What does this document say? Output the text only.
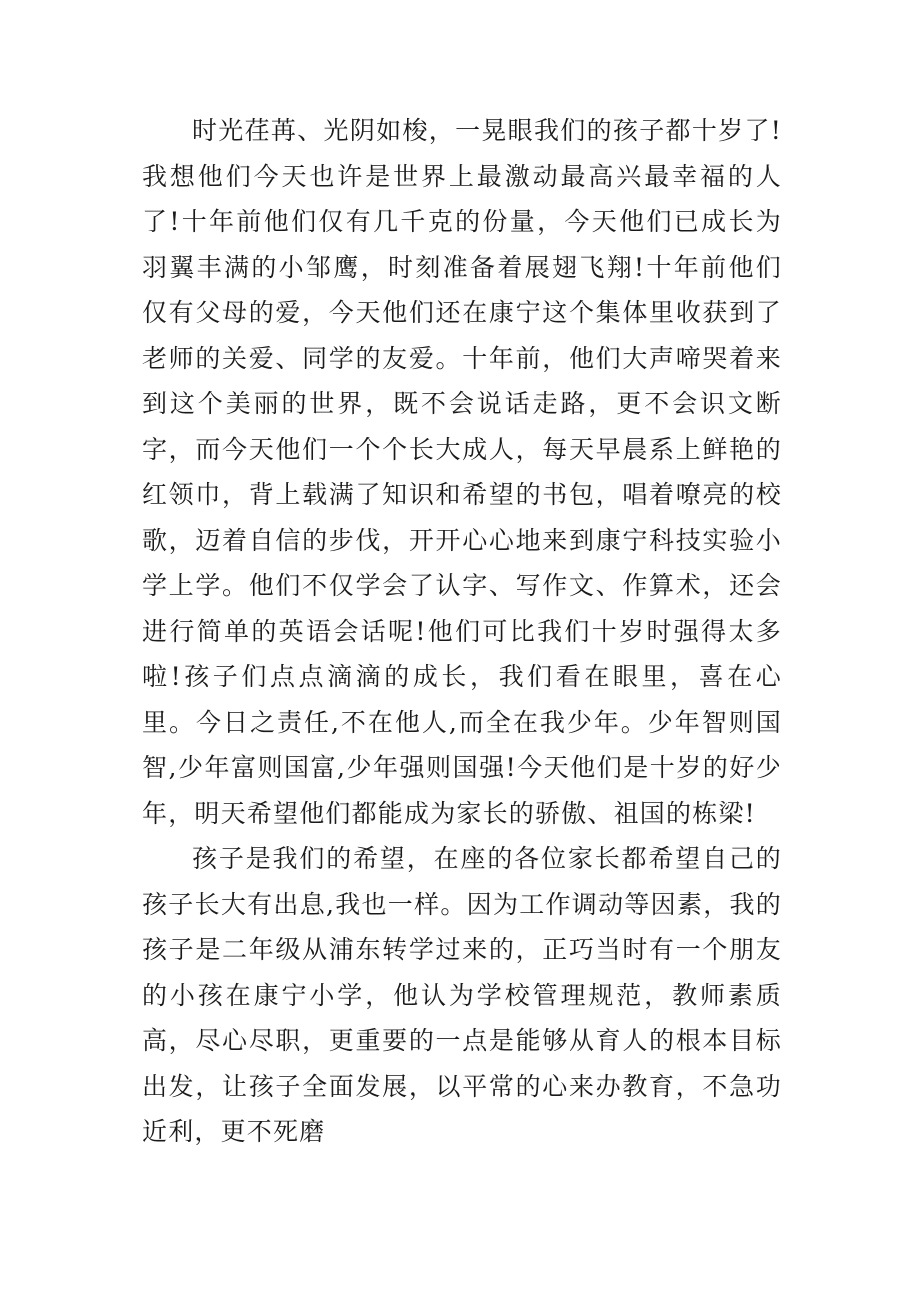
时光荏苒、光阴如梭，一晃眼我们的孩子都十岁了!我想他们今天也许是世界上最激动最高兴最幸福的人了!十年前他们仅有几千克的份量，今天他们已成长为羽翼丰满的小邹鹰，时刻准备着展翅飞翔!十年前他们仅有父母的爱，今天他们还在康宁这个集体里收获到了老师的关爱、同学的友爱。十年前，他们大声啼哭着来到这个美丽的世界，既不会说话走路，更不会识文断字，而今天他们一个个长大成人，每天早晨系上鲜艳的红领巾，背上载满了知识和希望的书包，唱着嘹亮的校歌，迈着自信的步伐，开开心心地来到康宁科技实验小学上学。他们不仅学会了认字、写作文、作算术，还会进行简单的英语会话呢!他们可比我们十岁时强得太多啦!孩子们点点滴滴的成长，我们看在眼里，喜在心里。今日之责任,不在他人,而全在我少年。少年智则国智,少年富则国富,少年强则国强!今天他们是十岁的好少年，明天希望他们都能成为家长的骄傲、祖国的栋梁!

孩子是我们的希望，在座的各位家长都希望自己的孩子长大有出息,我也一样。因为工作调动等因素，我的孩子是二年级从浦东转学过来的，正巧当时有一个朋友的小孩在康宁小学，他认为学校管理规范，教师素质高，尽心尽职，更重要的一点是能够从育人的根本目标出发，让孩子全面发展，以平常的心来办教育，不急功近利，更不死磨
